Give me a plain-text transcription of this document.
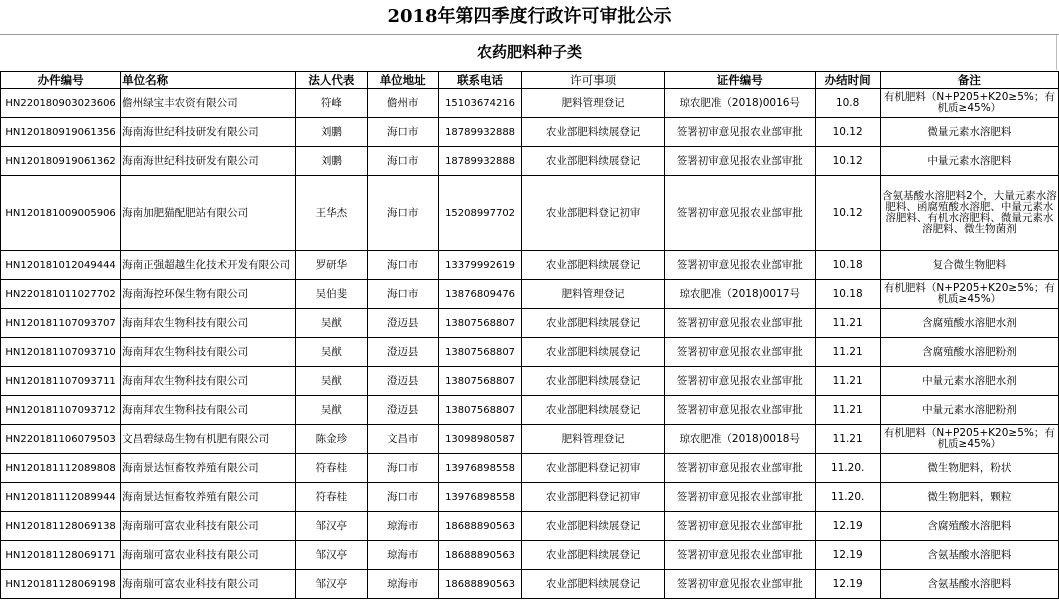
2018年第四季度行政许可审批公示
农药肥料种子类
办件编号	单位名称	法人代表	单位地址	联系电话	许可事项	证件编号	办结时间	备注
HN220180903023606	儋州绿宝丰农资有限公司	符峰	儋州市	15103674216	肥料管理登记	琼农肥准（2018)0016号	10.8	有机肥料（N+P205+K20≥5%；有机质≥45%）
HN120180919061356	海南海世纪科技研发有限公司	刘鹏	海口市	18789932888	农业部肥料续展登记	签署初审意见报农业部审批	10.12	微量元素水溶肥料
HN120180919061362	海南海世纪科技研发有限公司	刘鹏	海口市	18789932888	农业部肥料续展登记	签署初审意见报农业部审批	10.12	中量元素水溶肥料
HN120181009005906	海南加肥猫配肥站有限公司	王华杰	海口市	15208997702	农业部肥料登记初审	签署初审意见报农业部审批	10.12	含氨基酸水溶肥料2个，大量元素水溶肥料、函腐殖酸水溶肥、中量元素水溶肥料、有机水溶肥料、微量元素水溶肥料、微生物菌剂
HN120181012049444	海南正强超越生化技术开发有限公司	罗研华	海口市	13379992619	农业部肥料续展登记	签署初审意见报农业部审批	10.18	复合微生物肥料
HN220181011027702	海南海控环保生物有限公司	吴伯斐	海口市	13876809476	肥料管理登记	琼农肥准（2018)0017号	10.18	有机肥料（N+P205+K20≥5%；有机质≥45%）
HN120181107093707	海南拜农生物科技有限公司	吴猷	澄迈县	13807568807	农业部肥料续展登记	签署初审意见报农业部审批	11.21	含腐殖酸水溶肥水剂
HN120181107093710	海南拜农生物科技有限公司	吴猷	澄迈县	13807568807	农业部肥料续展登记	签署初审意见报农业部审批	11.21	含腐殖酸水溶肥粉剂
HN120181107093711	海南拜农生物科技有限公司	吴猷	澄迈县	13807568807	农业部肥料续展登记	签署初审意见报农业部审批	11.21	中量元素水溶肥水剂
HN120181107093712	海南拜农生物科技有限公司	吴猷	澄迈县	13807568807	农业部肥料续展登记	签署初审意见报农业部审批	11.21	中量元素水溶肥粉剂
HN220181106079503	文昌碧绿岛生物有机肥有限公司	陈金珍	文昌市	13098980587	肥料管理登记	琼农肥准（2018)0018号	11.21	有机肥料（N+P205+K20≥5%；有机质≥45%）
HN120181112089808	海南景达恒畜牧养殖有限公司	符春桂	海口市	13976898558	农业部肥料登记初审	签署初审意见报农业部审批	11.20.	微生物肥料，粉状
HN120181112089944	海南景达恒畜牧养殖有限公司	符春桂	海口市	13976898558	农业部肥料登记初审	签署初审意见报农业部审批	11.20.	微生物肥料，颗粒
HN120181128069138	海南瑞可富农业科技有限公司	邹汉亭	琼海市	18688890563	农业部肥料续展登记	签署初审意见报农业部审批	12.19	含腐殖酸水溶肥料
HN120181128069171	海南瑞可富农业科技有限公司	邹汉亭	琼海市	18688890563	农业部肥料续展登记	签署初审意见报农业部审批	12.19	含氨基酸水溶肥料
HN120181128069198	海南瑞可富农业科技有限公司	邹汉亭	琼海市	18688890563	农业部肥料续展登记	签署初审意见报农业部审批	12.19	含氨基酸水溶肥料
